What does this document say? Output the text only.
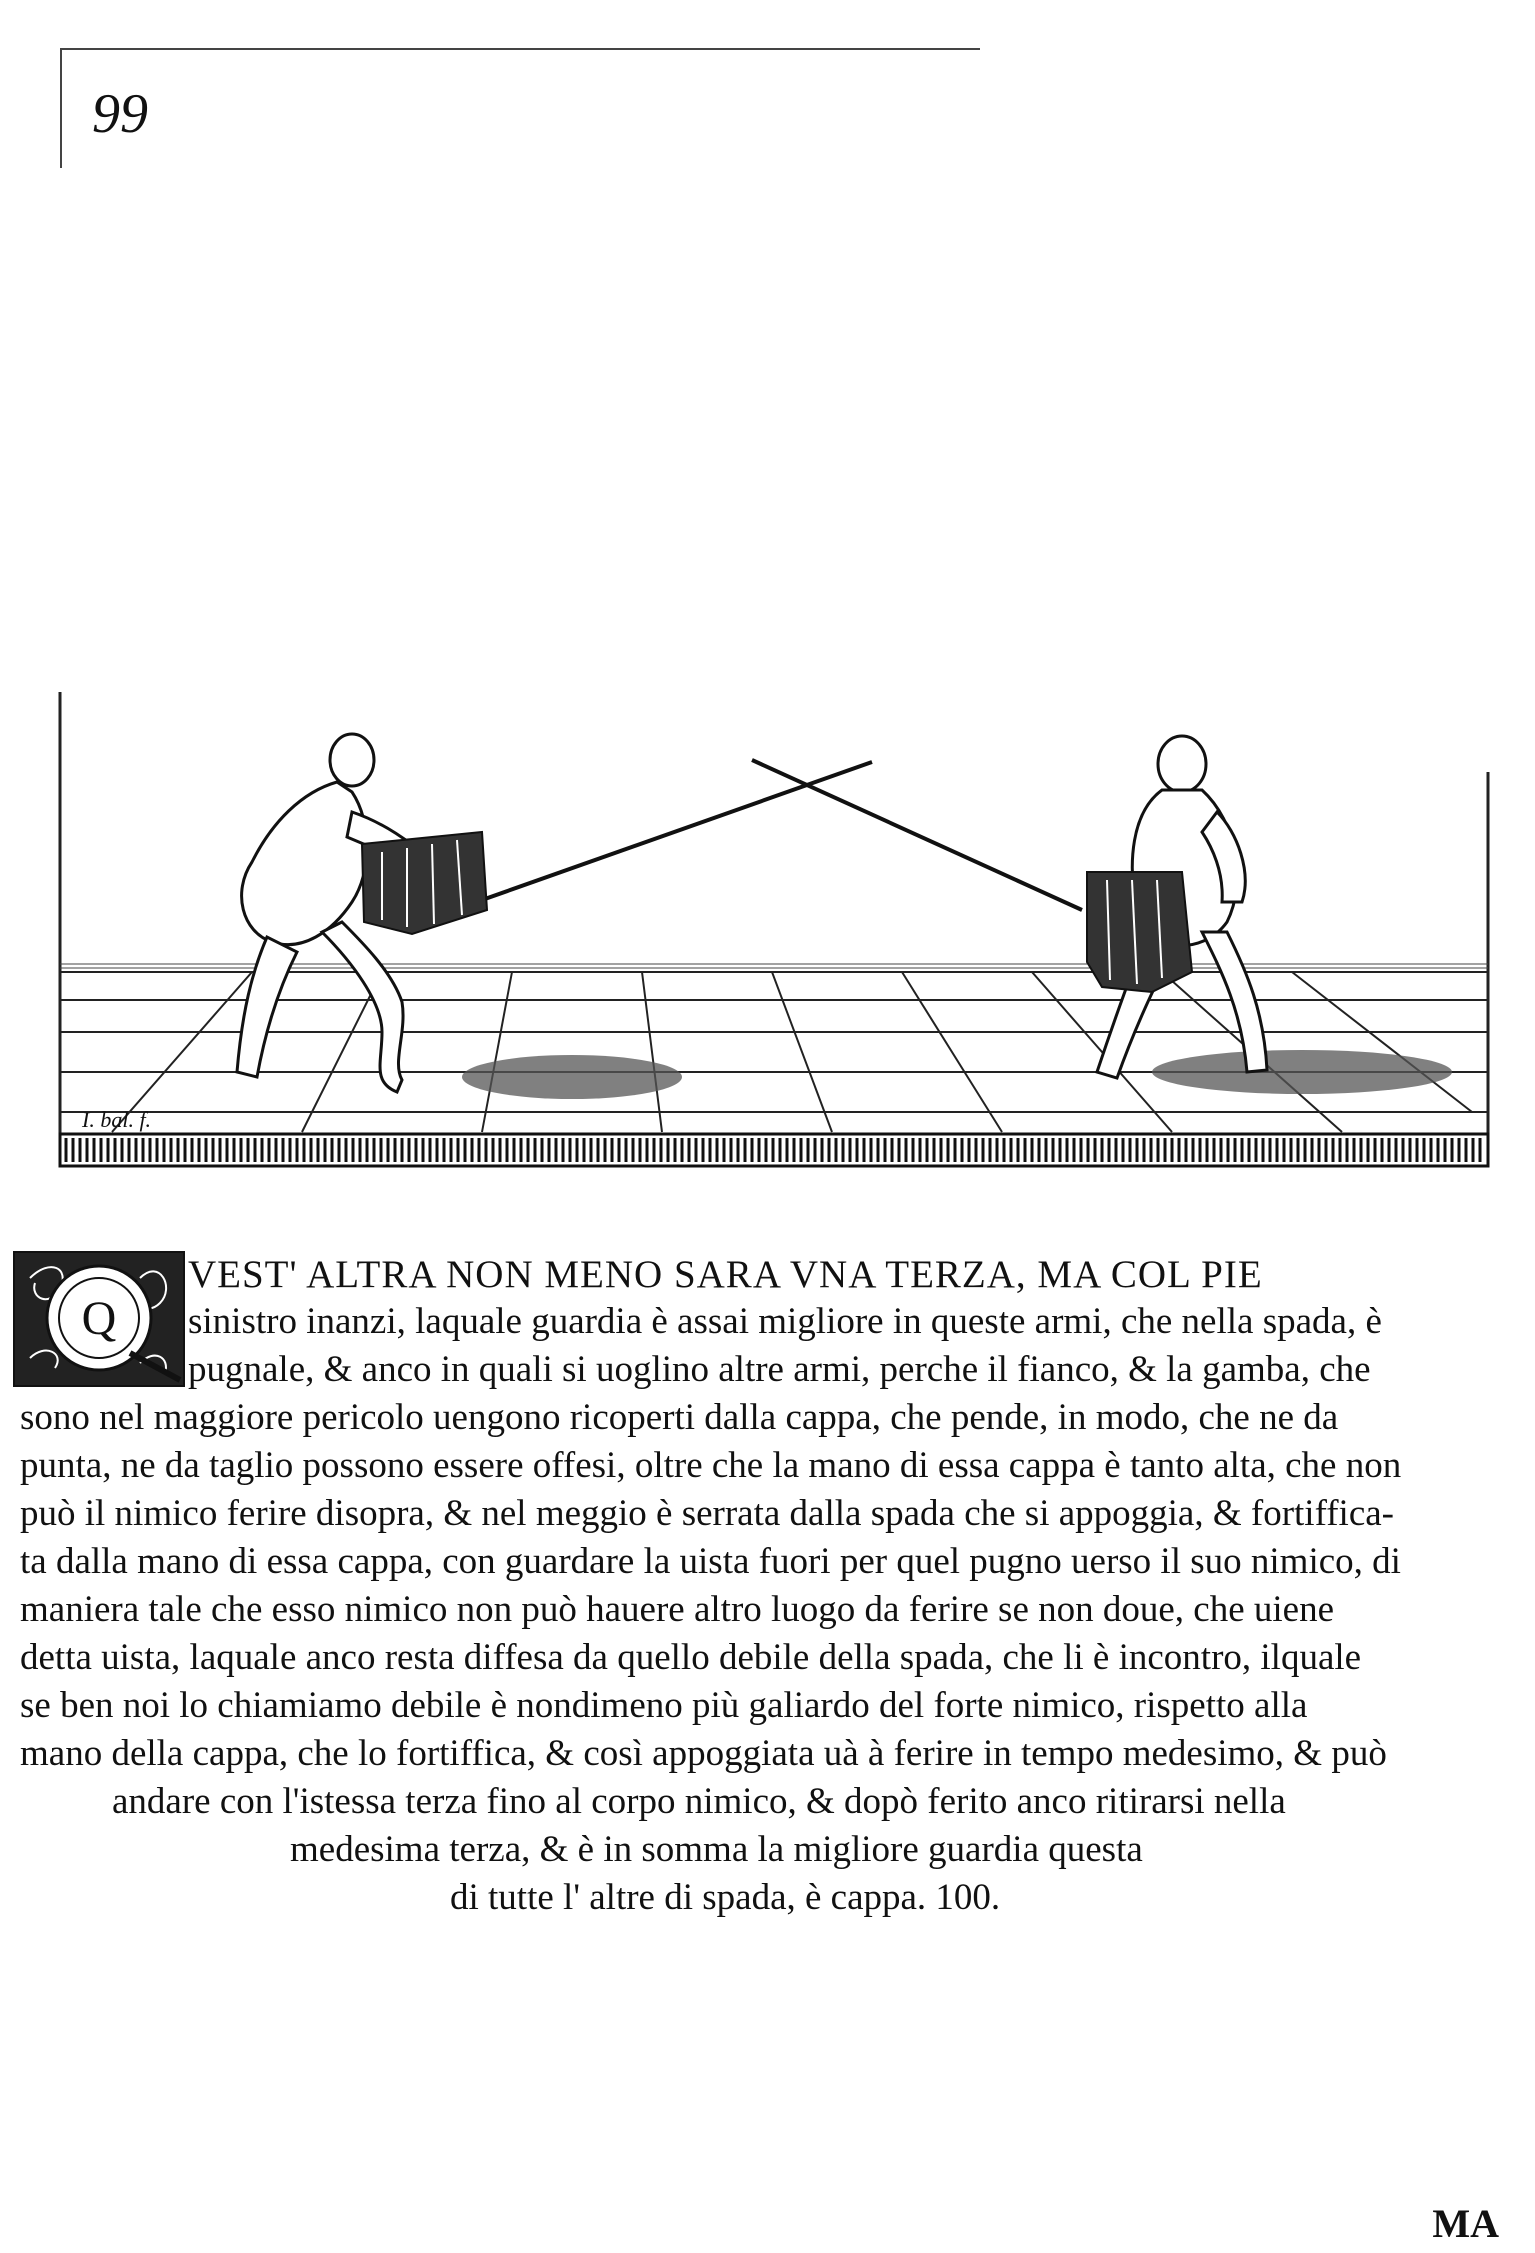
99
I. bal. f.
Q
VEST' ALTRA NON MENO SARA VNA TERZA, MA COL PIE
sinistro inanzi, laquale guardia è assai migliore in queste armi, che nella spada, è
pugnale, & anco in quali si uoglino altre armi, perche il fianco, & la gamba, che
sono nel maggiore pericolo uengono ricoperti dalla cappa, che pende, in modo, che ne da
punta, ne da taglio possono essere offesi, oltre che la mano di essa cappa è tanto alta, che non
può il nimico ferire disopra, & nel meggio è serrata dalla spada che si appoggia, & fortiffica-
ta dalla mano di essa cappa, con guardare la uista fuori per quel pugno uerso il suo nimico, di
maniera tale che esso nimico non può hauere altro luogo da ferire se non doue, che uiene
detta uista, laquale anco resta diffesa da quello debile della spada, che li è incontro, ilquale
se ben noi lo chiamiamo debile è nondimeno più galiardo del forte nimico, rispetto alla
mano della cappa, che lo fortiffica, & così appoggiata uà à ferire in tempo medesimo, & può
andare con l'istessa terza fino al corpo nimico, & dopò ferito anco ritirarsi nella
medesima terza, & è in somma la migliore guardia questa
di tutte l' altre di spada, è cappa. 100.
MA
